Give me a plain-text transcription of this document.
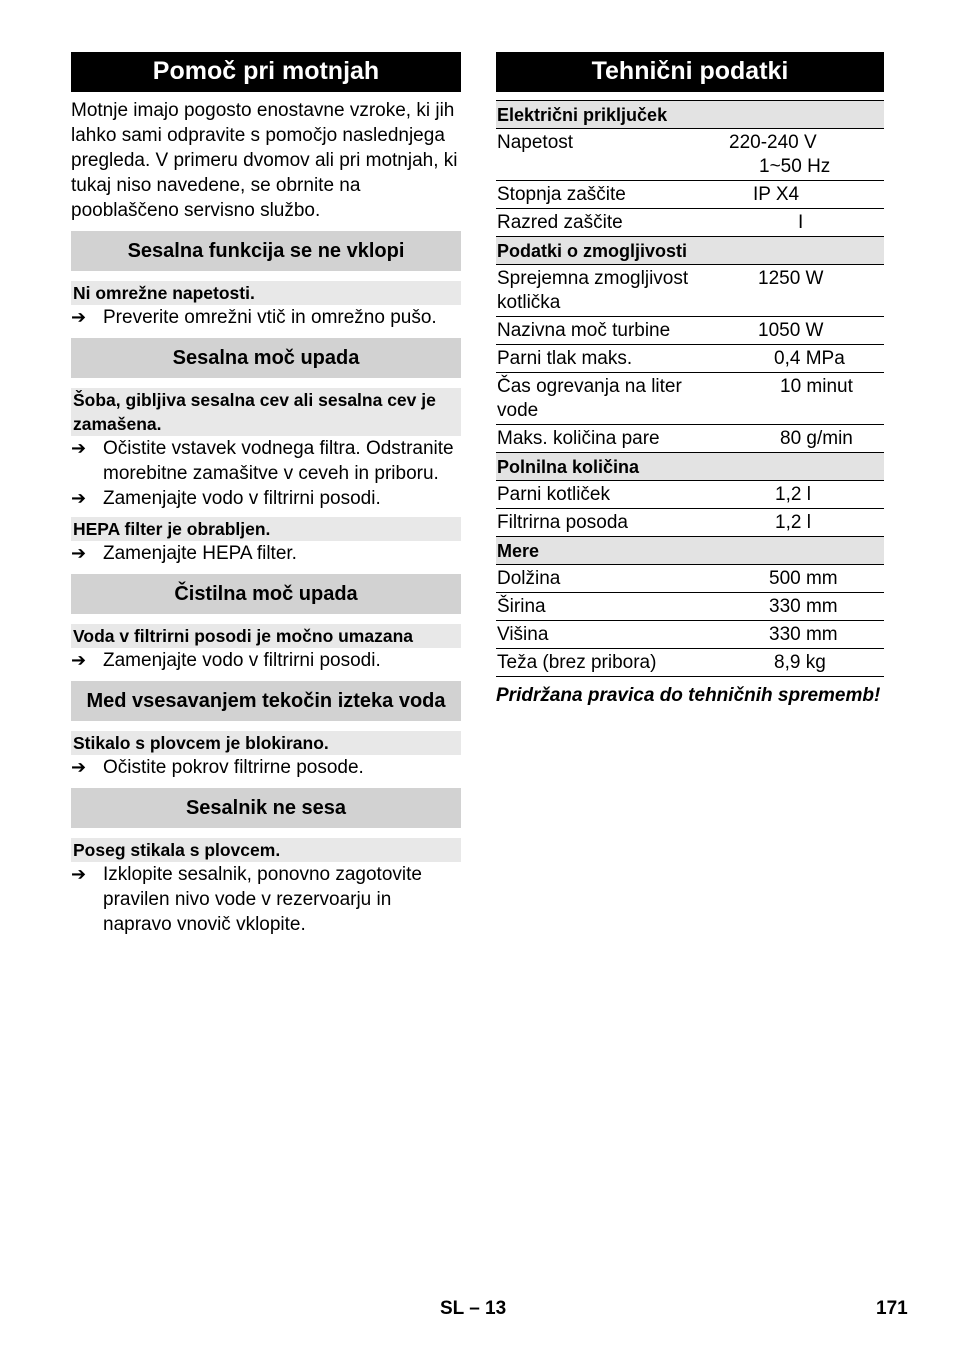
Pomoč pri motnjah

Motnje imajo pogosto enostavne vzroke, ki jih lahko sami odpravite s pomočjo naslednjega pregleda. V primeru dvomov ali pri motnjah, ki tukaj niso navedene, se obrnite na pooblaščeno servisno službo.

Sesalna funkcija se ne vklopi
Ni omrežne napetosti.
➔ Preverite omrežni vtič in omrežno pušo.
Sesalna moč upada
Šoba, gibljiva sesalna cev ali sesalna cev je zamašena.
➔ Očistite vstavek vodnega filtra. Odstranite morebitne zamašitve v ceveh in priboru.
➔ Zamenjajte vodo v filtrirni posodi.
HEPA filter je obrabljen.
➔ Zamenjajte HEPA filter.
Čistilna moč upada
Voda v filtrirni posodi je močno umazana
➔ Zamenjajte vodo v filtrirni posodi.
Med vsesavanjem tekočin izteka voda
Stikalo s plovcem je blokirano.
➔ Očistite pokrov filtrirne posode.
Sesalnik ne sesa
Poseg stikala s plovcem.
➔ Izklopite sesalnik, ponovno zagotovite pravilen nivo vode v rezervoarju in napravo vnovič vklopite.
Tehnični podatki
Električni priključek	
Napetost	220-240 V
1~50 Hz

Stopnja zaščite	IP X4
Razred zaščite	I
Podatki o zmogljivosti	
Sprejemna zmogljivost kotlička	1250 W
Nazivna moč turbine	1050 W
Parni tlak maks.	0,4 MPa
Čas ogrevanja na liter vode	10 minut
Maks. količina pare	80 g/min
Polnilna količina	
Parni kotliček	1,2 l
Filtrirna posoda	1,2 l
Mere	
Dolžina	500 mm
Širina	330 mm
Višina	330 mm
Teža (brez pribora)	8,9 kg
Pridržana pravica do tehničnih sprememb!
SL – 13	171
